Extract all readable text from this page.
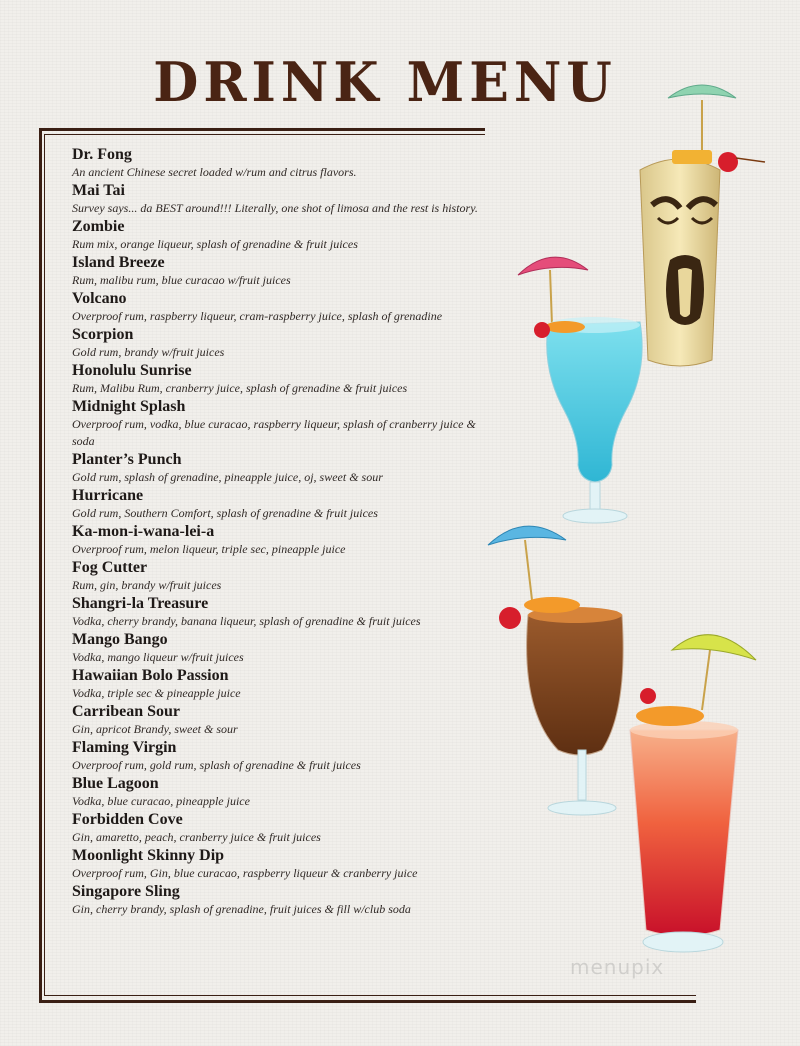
DRINK MENU
Dr. Fong
An ancient Chinese secret loaded w/rum and citrus flavors.
Mai Tai
Survey says... da BEST around!!! Literally, one shot of limosa and the rest is history.
Zombie
Rum mix, orange liqueur, splash of grenadine & fruit juices
Island Breeze
Rum, malibu rum, blue curacao w/fruit juices
Volcano
Overproof rum, raspberry liqueur, cram-raspberry juice, splash of grenadine
Scorpion
Gold rum, brandy w/fruit juices
Honolulu Sunrise
Rum, Malibu Rum, cranberry juice, splash of grenadine & fruit juices
Midnight Splash
Overproof rum, vodka, blue curacao, raspberry liqueur, splash of cranberry juice & soda
Planter’s Punch
Gold rum, splash of grenadine, pineapple juice, oj, sweet & sour
Hurricane
Gold rum, Southern Comfort, splash of grenadine & fruit juices
Ka-mon-i-wana-lei-a
Overproof rum, melon liqueur, triple sec, pineapple juice
Fog Cutter
Rum, gin, brandy w/fruit juices
Shangri-la Treasure
Vodka, cherry brandy, banana liqueur, splash of grenadine & fruit juices
Mango Bango
Vodka, mango liqueur w/fruit juices
Hawaiian Bolo Passion
Vodka, triple sec & pineapple juice
Carribean Sour
Gin, apricot Brandy, sweet & sour
Flaming Virgin
Overproof rum, gold rum, splash of grenadine & fruit juices
Blue Lagoon
Vodka, blue curacao, pineapple juice
Forbidden Cove
Gin, amaretto, peach, cranberry juice & fruit juices
Moonlight Skinny Dip
Overproof rum, Gin, blue curacao, raspberry liqueur & cranberry juice
Singapore Sling
Gin, cherry brandy, splash of grenadine, fruit juices & fill w/club soda
menupix
